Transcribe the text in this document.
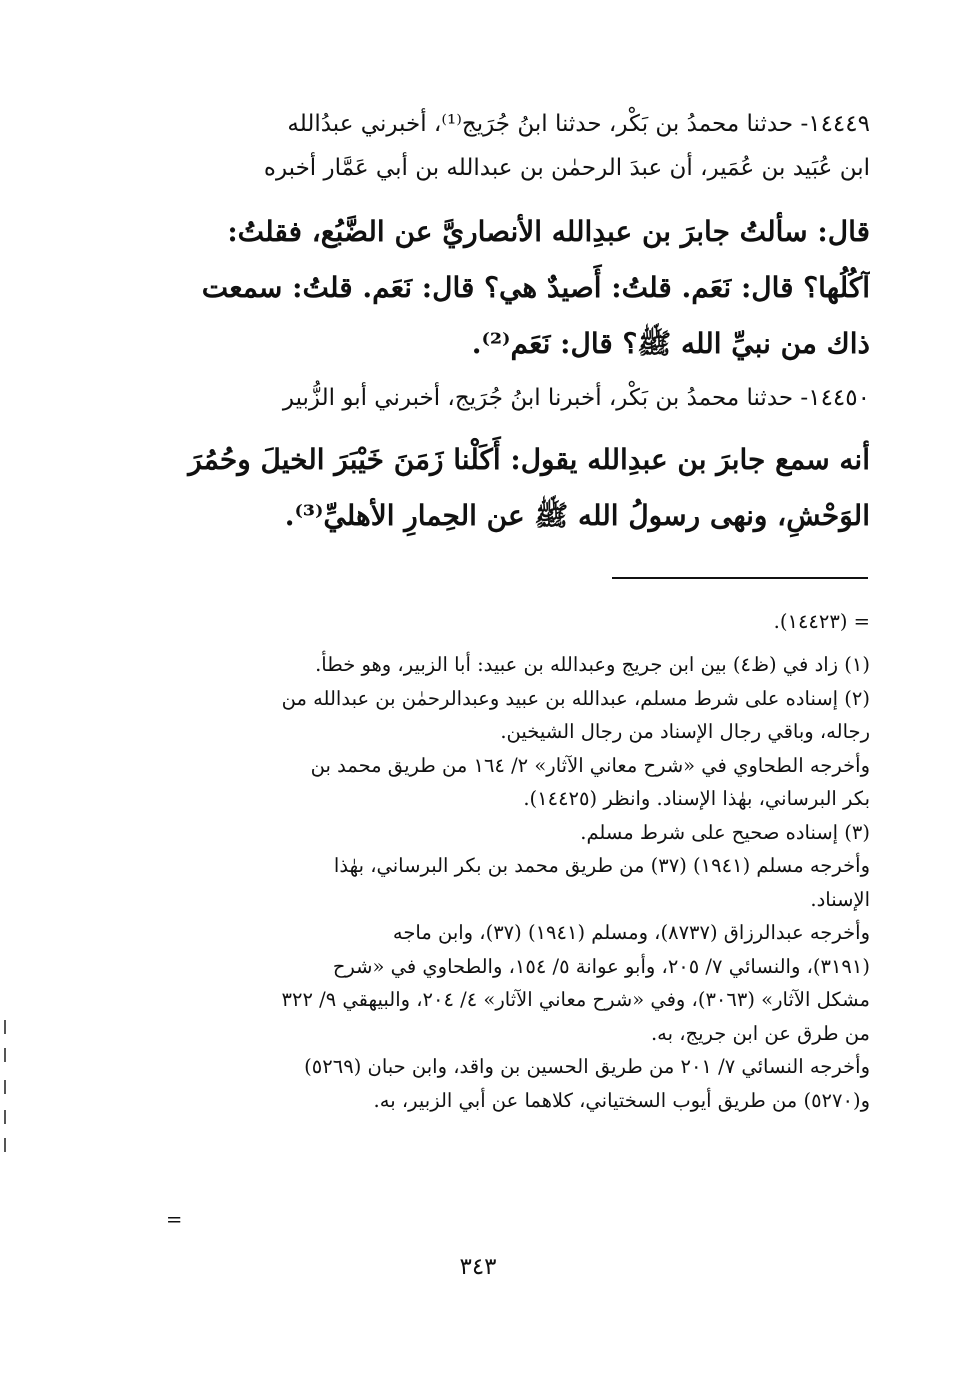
١٤٤٤٩- حدثنا محمدُ بن بَكْر، حدثنا ابنُ جُرَيج⁽¹⁾، أخبرني عبدُالله
ابن عُبَيد بن عُمَير، أن عبدَ الرحمٰن بن عبدالله بن أبي عَمَّار أخبره
قال: سألتُ جابرَ بن عبدِالله الأنصاريَّ عن الضَّبُع، فقلتُ:
آكُلُها؟ قال: نَعَم. قلتُ: أَصيدٌ هي؟ قال: نَعَم. قلتُ: سمعت
ذاك من نبيِّ الله ﷺ؟ قال: نَعَم⁽²⁾.
١٤٤٥٠- حدثنا محمدُ بن بَكْر، أخبرنا ابنُ جُرَيج، أخبرني أبو الزُّبير
أنه سمع جابرَ بن عبدِالله يقول: أَكَلْنا زَمَنَ خَيْبَرَ الخيلَ وحُمُرَ
الوَحْشِ، ونهى رسولُ الله ﷺ عن الحِمارِ الأهليِّ⁽³⁾.
= (١٤٤٢٣).
(١) زاد في (ظ٤) بين ابن جريج وعبدالله بن عبيد: أبا الزبير، وهو خطأ.
(٢) إسناده على شرط مسلم، عبدالله بن عبيد وعبدالرحمٰن بن عبدالله من
رجاله، وباقي رجال الإسناد من رجال الشيخين.
وأخرجه الطحاوي في «شرح معاني الآثار» ٢/ ١٦٤ من طريق محمد بن
بكر البرساني، بهٰذا الإسناد. وانظر (١٤٤٢٥).
(٣) إسناده صحيح على شرط مسلم.
وأخرجه مسلم (١٩٤١) (٣٧) من طريق محمد بن بكر البرساني، بهٰذا
الإسناد.
وأخرجه عبدالرزاق (٨٧٣٧)، ومسلم (١٩٤١) (٣٧)، وابن ماجه
(٣١٩١)، والنسائي ٧/ ٢٠٥، وأبو عوانة ٥/ ١٥٤، والطحاوي في «شرح
مشكل الآثار» (٣٠٦٣)، وفي «شرح معاني الآثار» ٤/ ٢٠٤، والبيهقي ٩/ ٣٢٢
من طرق عن ابن جريج، به.
وأخرجه النسائي ٧/ ٢٠١ من طريق الحسين بن واقد، وابن حبان (٥٢٦٩)
و(٥٢٧٠) من طريق أيوب السختياني، كلاهما عن أبي الزبير، به.
=
٣٤٣
